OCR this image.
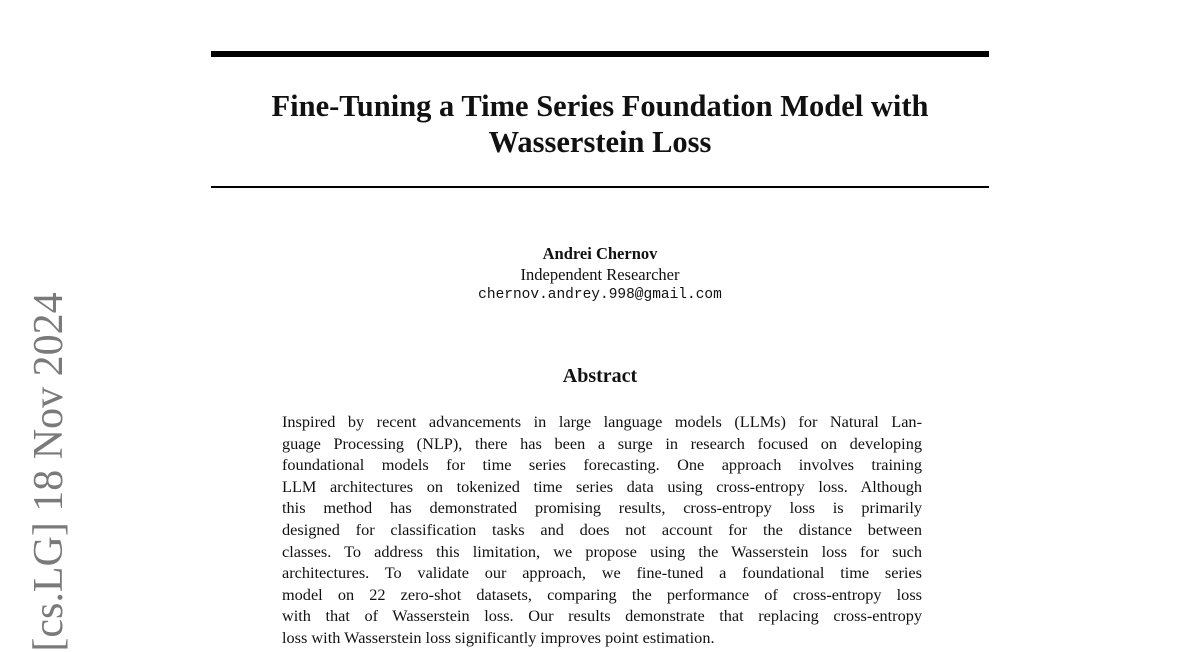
Fine-Tuning a Time Series Foundation Model with
Wasserstein Loss
Andrei Chernov
Independent Researcher
chernov.andrey.998@gmail.com
Abstract
Inspired by recent advancements in large language models (LLMs) for Natural Lan-
guage Processing (NLP), there has been a surge in research focused on developing
foundational models for time series forecasting. One approach involves training
LLM architectures on tokenized time series data using cross-entropy loss. Although
this method has demonstrated promising results, cross-entropy loss is primarily
designed for classification tasks and does not account for the distance between
classes. To address this limitation, we propose using the Wasserstein loss for such
architectures. To validate our approach, we fine-tuned a foundational time series
model on 22 zero-shot datasets, comparing the performance of cross-entropy loss
with that of Wasserstein loss. Our results demonstrate that replacing cross-entropy
loss with Wasserstein loss significantly improves point estimation.
[cs.LG] 18 Nov 2024
